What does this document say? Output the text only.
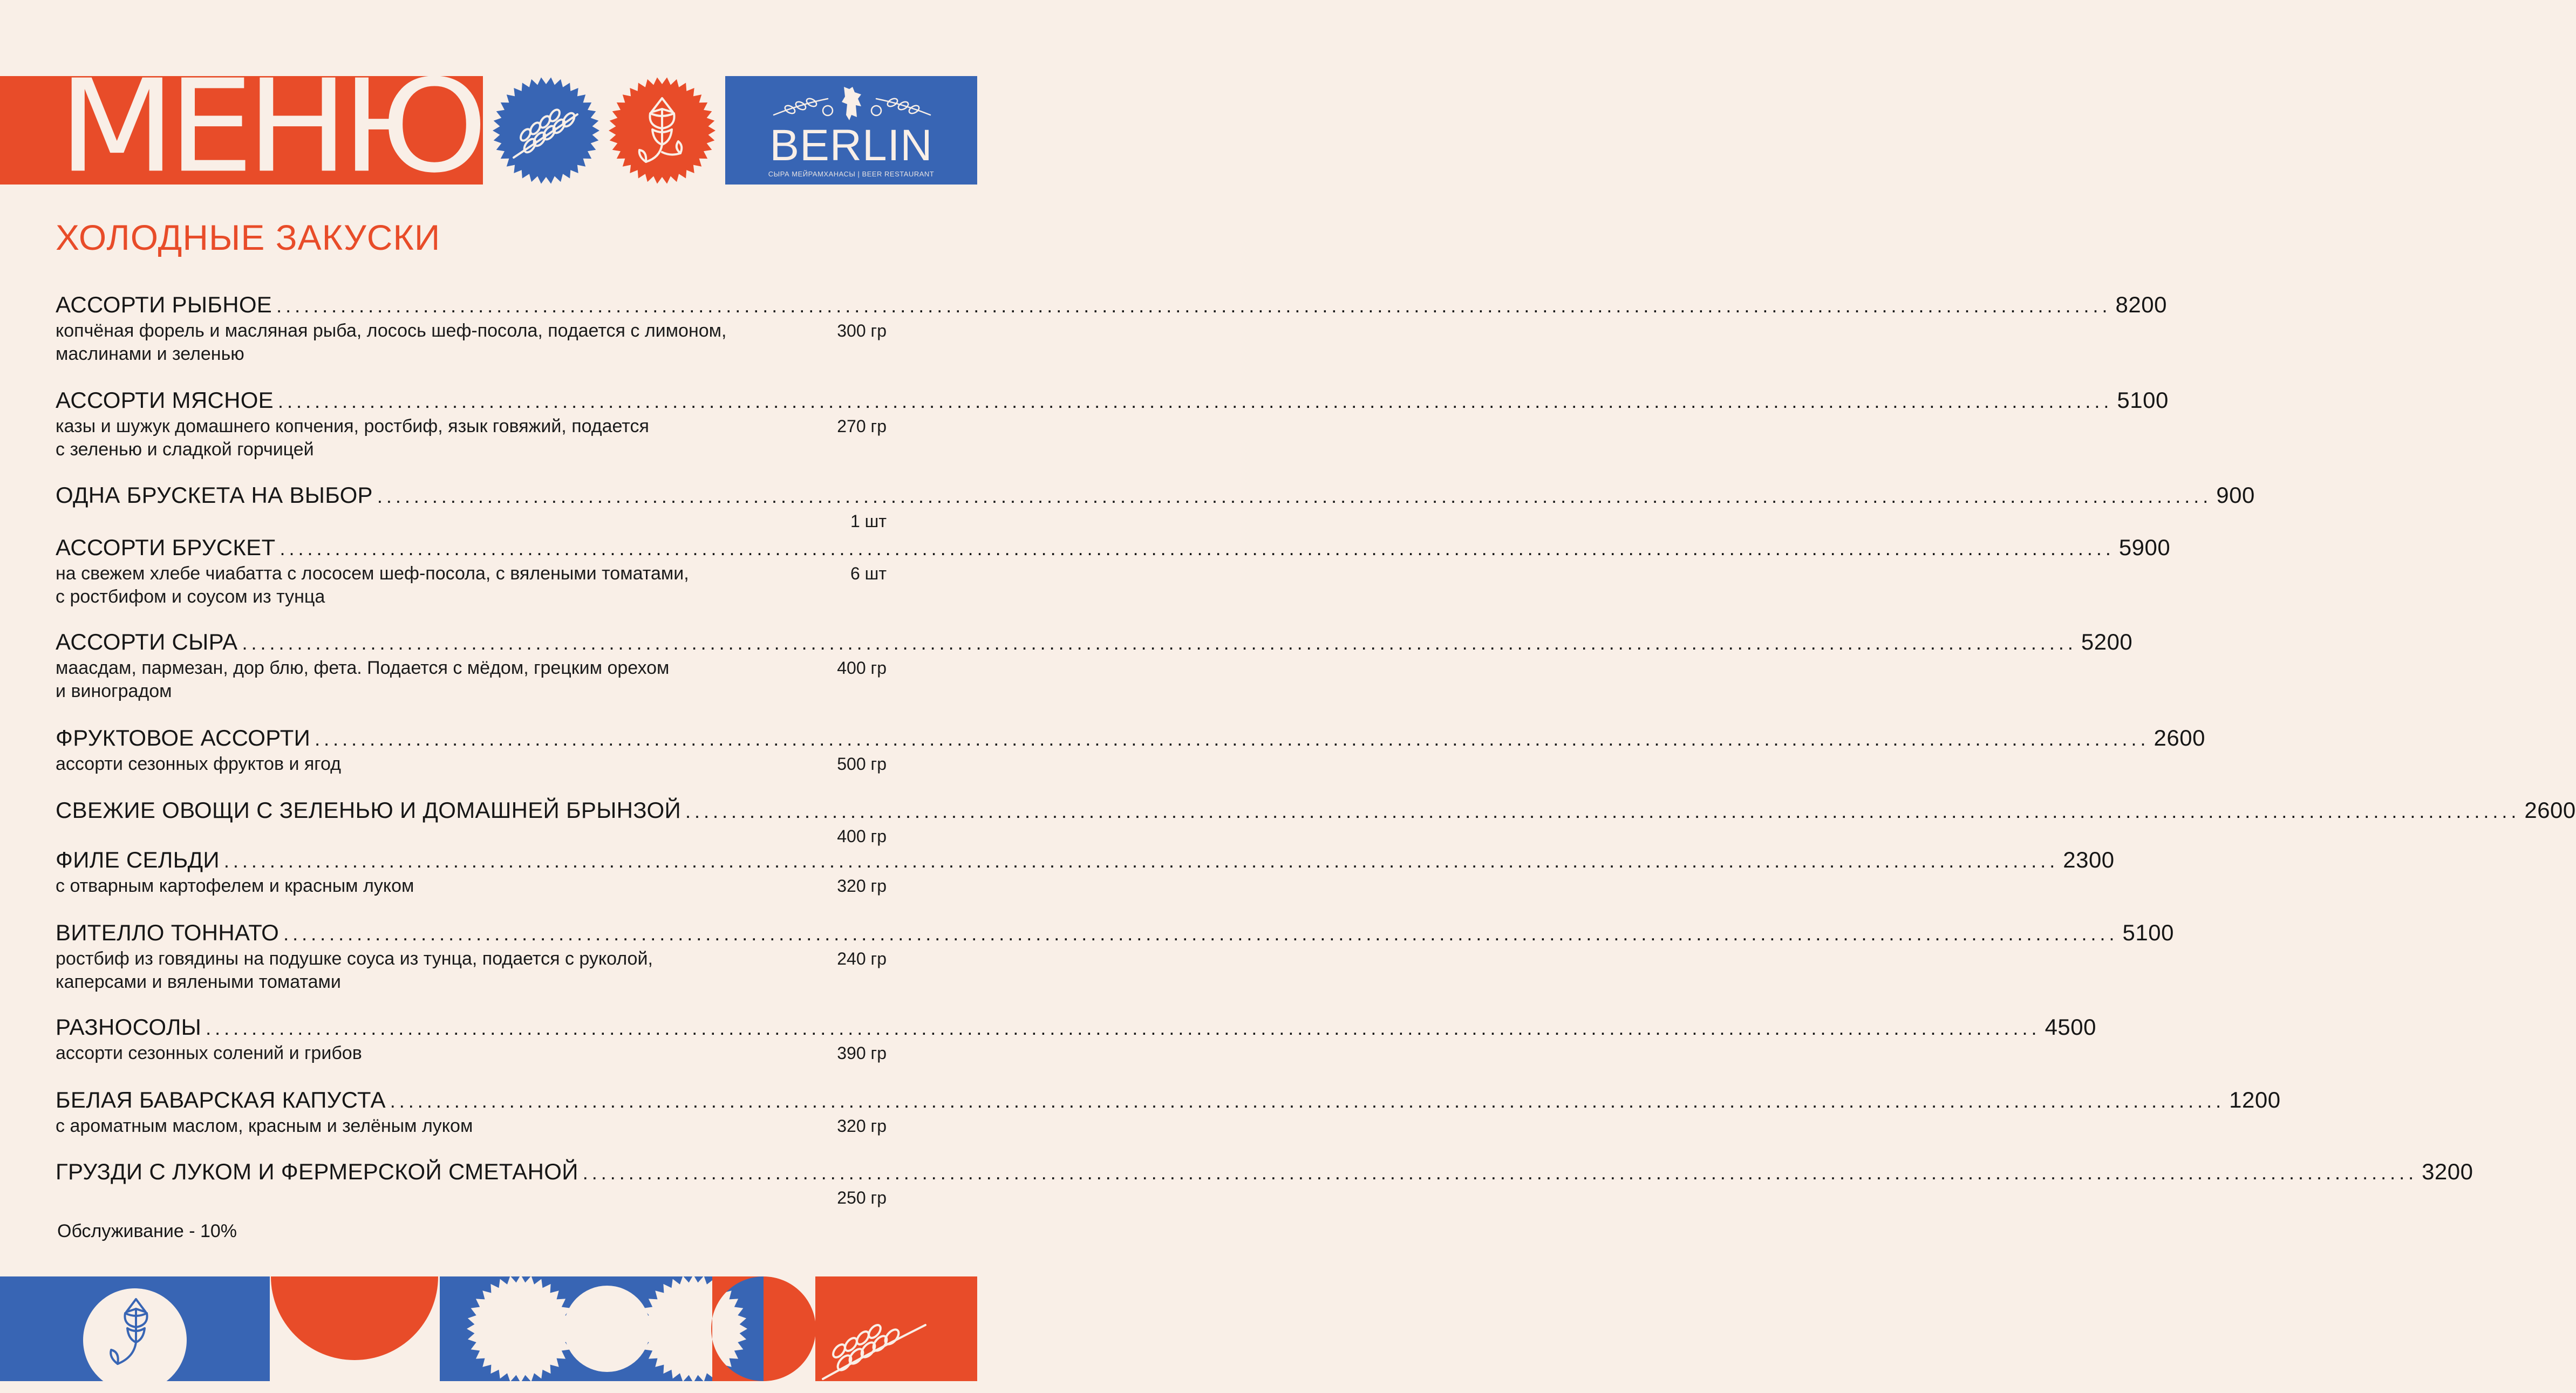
МЕНЮ	BERLIN
СЫРА МЕЙРАМХАНАСЫ | BEER RESTAURANT
ХОЛОДНЫЕ ЗАКУСКИ
АССОРТИ РЫБНОЕ ........................................................................................................................................................................................................ 8200
копчёная форель и масляная рыба, лосось шеф-посола, подается с лимоном,
маслинами и зеленью
300 гр
АССОРТИ МЯСНОЕ ........................................................................................................................................................................................................ 5100
казы и шужук домашнего копчения, ростбиф, язык говяжий, подается
с зеленью и сладкой горчицей
270 гр
ОДНА БРУСКЕТА НА ВЫБОР ........................................................................................................................................................................................................ 900
1 шт
АССОРТИ БРУСКЕТ ........................................................................................................................................................................................................ 5900
на свежем хлебе чиабатта с лососем шеф-посола, с вялеными томатами,
с ростбифом и соусом из тунца
6 шт
АССОРТИ СЫРА ........................................................................................................................................................................................................ 5200
маасдам, пармезан, дор блю, фета. Подается с мёдом, грецким орехом
и виноградом
400 гр
ФРУКТОВОЕ АССОРТИ ........................................................................................................................................................................................................ 2600
ассорти сезонных фруктов и ягод	500 гр
СВЕЖИЕ ОВОЩИ С ЗЕЛЕНЬЮ И ДОМАШНЕЙ БРЫНЗОЙ ........................................................................................................................................................................................................ 2600
400 гр
ФИЛЕ СЕЛЬДИ ........................................................................................................................................................................................................ 2300
с отварным картофелем и красным луком	320 гр
ВИТЕЛЛО ТОННАТО ........................................................................................................................................................................................................ 5100
ростбиф из говядины на подушке соуса из тунца, подается с руколой,
каперсами и вялеными томатами
240 гр
РАЗНОСОЛЫ ........................................................................................................................................................................................................ 4500
ассорти сезонных солений и грибов	390 гр
БЕЛАЯ БАВАРСКАЯ КАПУСТА ........................................................................................................................................................................................................ 1200
с ароматным маслом, красным и зелёным луком	320 гр
ГРУЗДИ С ЛУКОМ И ФЕРМЕРСКОЙ СМЕТАНОЙ ........................................................................................................................................................................................................ 3200
250 гр
Обслуживание - 10%
